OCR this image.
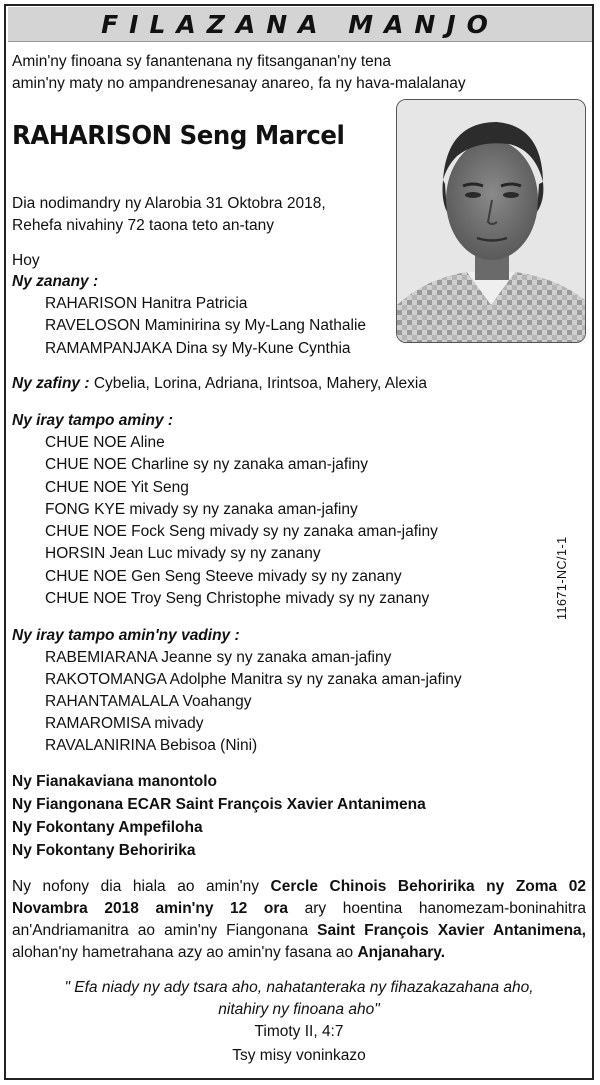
FILAZANA MANJO
Amin'ny finoana sy fanantenana ny fitsanganan'ny tena
amin'ny maty no ampandrenesanay anareo, fa ny hava-malalanay
RAHARISON Seng Marcel
Dia nodimandry ny Alarobia 31 Oktobra 2018,
Rehefa nivahiny 72 taona teto an-tany
Hoy
Ny zanany :
RAHARISON Hanitra Patricia
RAVELOSON Maminirina sy My-Lang Nathalie
RAMAMPANJAKA Dina sy My-Kune Cynthia
Ny zafiny : Cybelia, Lorina, Adriana, Irintsoa, Mahery, Alexia
Ny iray tampo aminy :
CHUE NOE Aline
CHUE NOE Charline sy ny zanaka aman-jafiny
CHUE NOE Yit Seng
FONG KYE mivady sy ny zanaka aman-jafiny
CHUE NOE Fock Seng mivady sy ny zanaka aman-jafiny
HORSIN Jean Luc mivady sy ny zanany
CHUE NOE Gen Seng Steeve mivady sy ny zanany
CHUE NOE Troy Seng Christophe mivady sy ny zanany
Ny iray tampo amin'ny vadiny :
RABEMIARANA Jeanne sy ny zanaka aman-jafiny
RAKOTOMANGA Adolphe Manitra sy ny zanaka aman-jafiny
RAHANTAMALALA Voahangy
RAMAROMISA mivady
RAVALANIRINA Bebisoa (Nini)
Ny Fianakaviana manontolo
Ny Fiangonana ECAR Saint François Xavier Antanimena
Ny Fokontany Ampefiloha
Ny Fokontany Behoririka
Ny nofony dia hiala ao amin'ny Cercle Chinois Behoririka ny Zoma 02 Novambra 2018 amin'ny 12 ora ary hoentina hanomezam-boninahitra an'Andriamanitra ao amin'ny Fiangonana Saint François Xavier Antanimena, alohan'ny hametrahana azy ao amin'ny fasana ao Anjanahary.
" Efa niady ny ady tsara aho, nahatanteraka ny fihazakazahana aho,
nitahiry ny finoana aho"
Timoty II, 4:7
Tsy misy voninkazo
11671-NC/1-1
